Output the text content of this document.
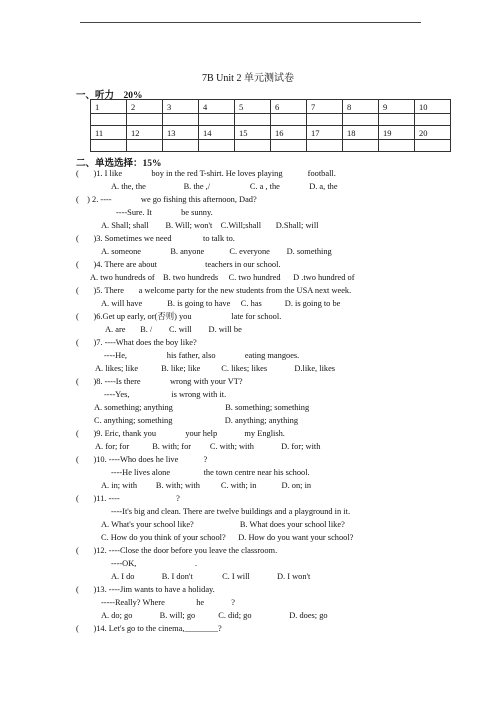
7B Unit 2 单元测试卷
一、听力　20%
1	2	3	4	5	6	7	8	9	10

11	12	13	14	15	16	17	18	19	20

二、单选选择：15%
(       )1. I like              boy in the red T-shirt. He loves playing            football.
A. the, the                  B. the ,/                   C. a , the              D. a, the
(    ) 2. ----              we go fishing this afternoon, Dad?
----Sure. It              be sunny.
A. Shall; shall        B. Will; won't    C.Will;shall       D.Shall; will
(       )3. Sometimes we need               to talk to.
A. someone              B. anyone            C. everyone        D. something
(       )4. There are about                       teachers in our school.
A. two hundreds of    B. two hundreds     C. two hundred      D .two hundred of
(       )5. There       a welcome party for the new students from the USA next week.
A. will have            B. is going to have     C. has           D. is going to be
(       )6.Get up early, or(否则) you                   late for school.
A. are       B. /        C. will        D. will be
(       )7. ----What does the boy like?
----He,                   his father, also              eating mangoes.
A. likes; like           B. like; like          C. likes; likes             D.like, likes
(       )8. ----Is there              wrong with your VT?
----Yes,                    is wrong with it.
A. something; anything                         B. something; something
C. anything; something                         D. anything; anything
(       )9. Eric, thank you              your help             my English.
A. for; for           B. with; for         C. with; with             D. for; with
(       )10. ----Who does he live            ?
----He lives alone                the town centre near his school.
A. in; with         B. with; with          C. with; in            D. on; in
(       )11. ----                           ?
----It's big and clean. There are twelve buildings and a playground in it.
A. What's your school like?                      B. What does your school like?
C. How do you think of your school?      D. How do you want your school?
(       )12. ----Close the door before you leave the classroom.
----OK,                            .
A. I do             B. I don't              C. I will             D. I won't
(       )13. ----Jim wants to have a holiday.
-----Really? Where               he             ?
A. do; go             B. will; go           C. did; go                  D. does; go
(       )14. Let's go to the cinema,________?
